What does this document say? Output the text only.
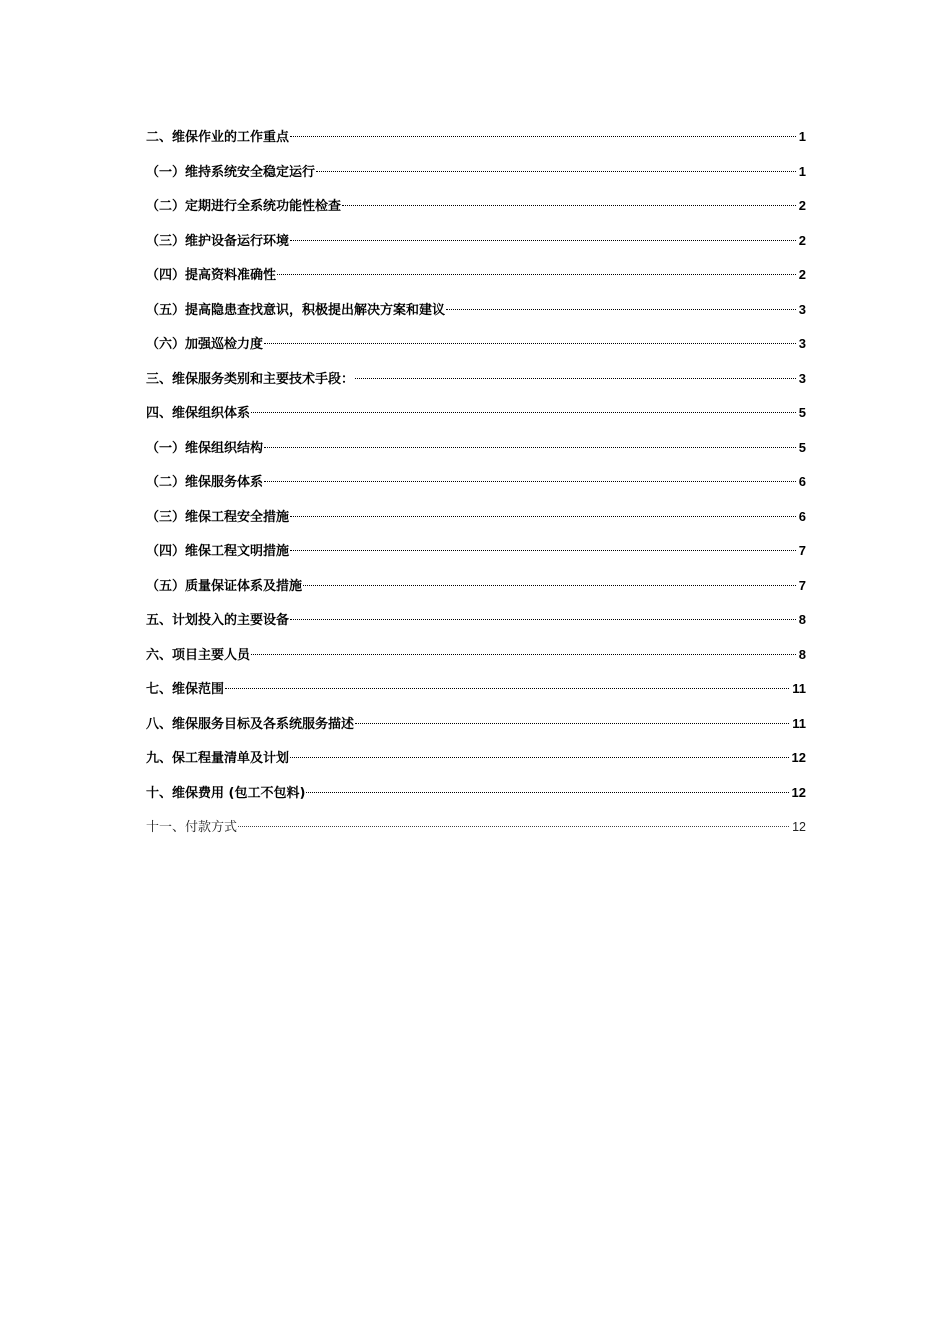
二、维保作业的工作重点	1
（一）维持系统安全稳定运行	1
（二）定期进行全系统功能性检查	2
（三）维护设备运行环境	2
（四）提高资料准确性	2
（五）提高隐患查找意识，积极提出解决方案和建议	3
（六）加强巡检力度	3
三、维保服务类别和主要技术手段：	3
四、维保组织体系	5
（一）维保组织结构	5
（二）维保服务体系	6
（三）维保工程安全措施	6
（四）维保工程文明措施	7
（五）质量保证体系及措施	7
五、计划投入的主要设备	8
六、项目主要人员	8
七、维保范围	11
八、维保服务目标及各系统服务描述	11
九、保工程量清单及计划	12
十、维保费用 (包工不包料)	12
十一、付款方式	12
